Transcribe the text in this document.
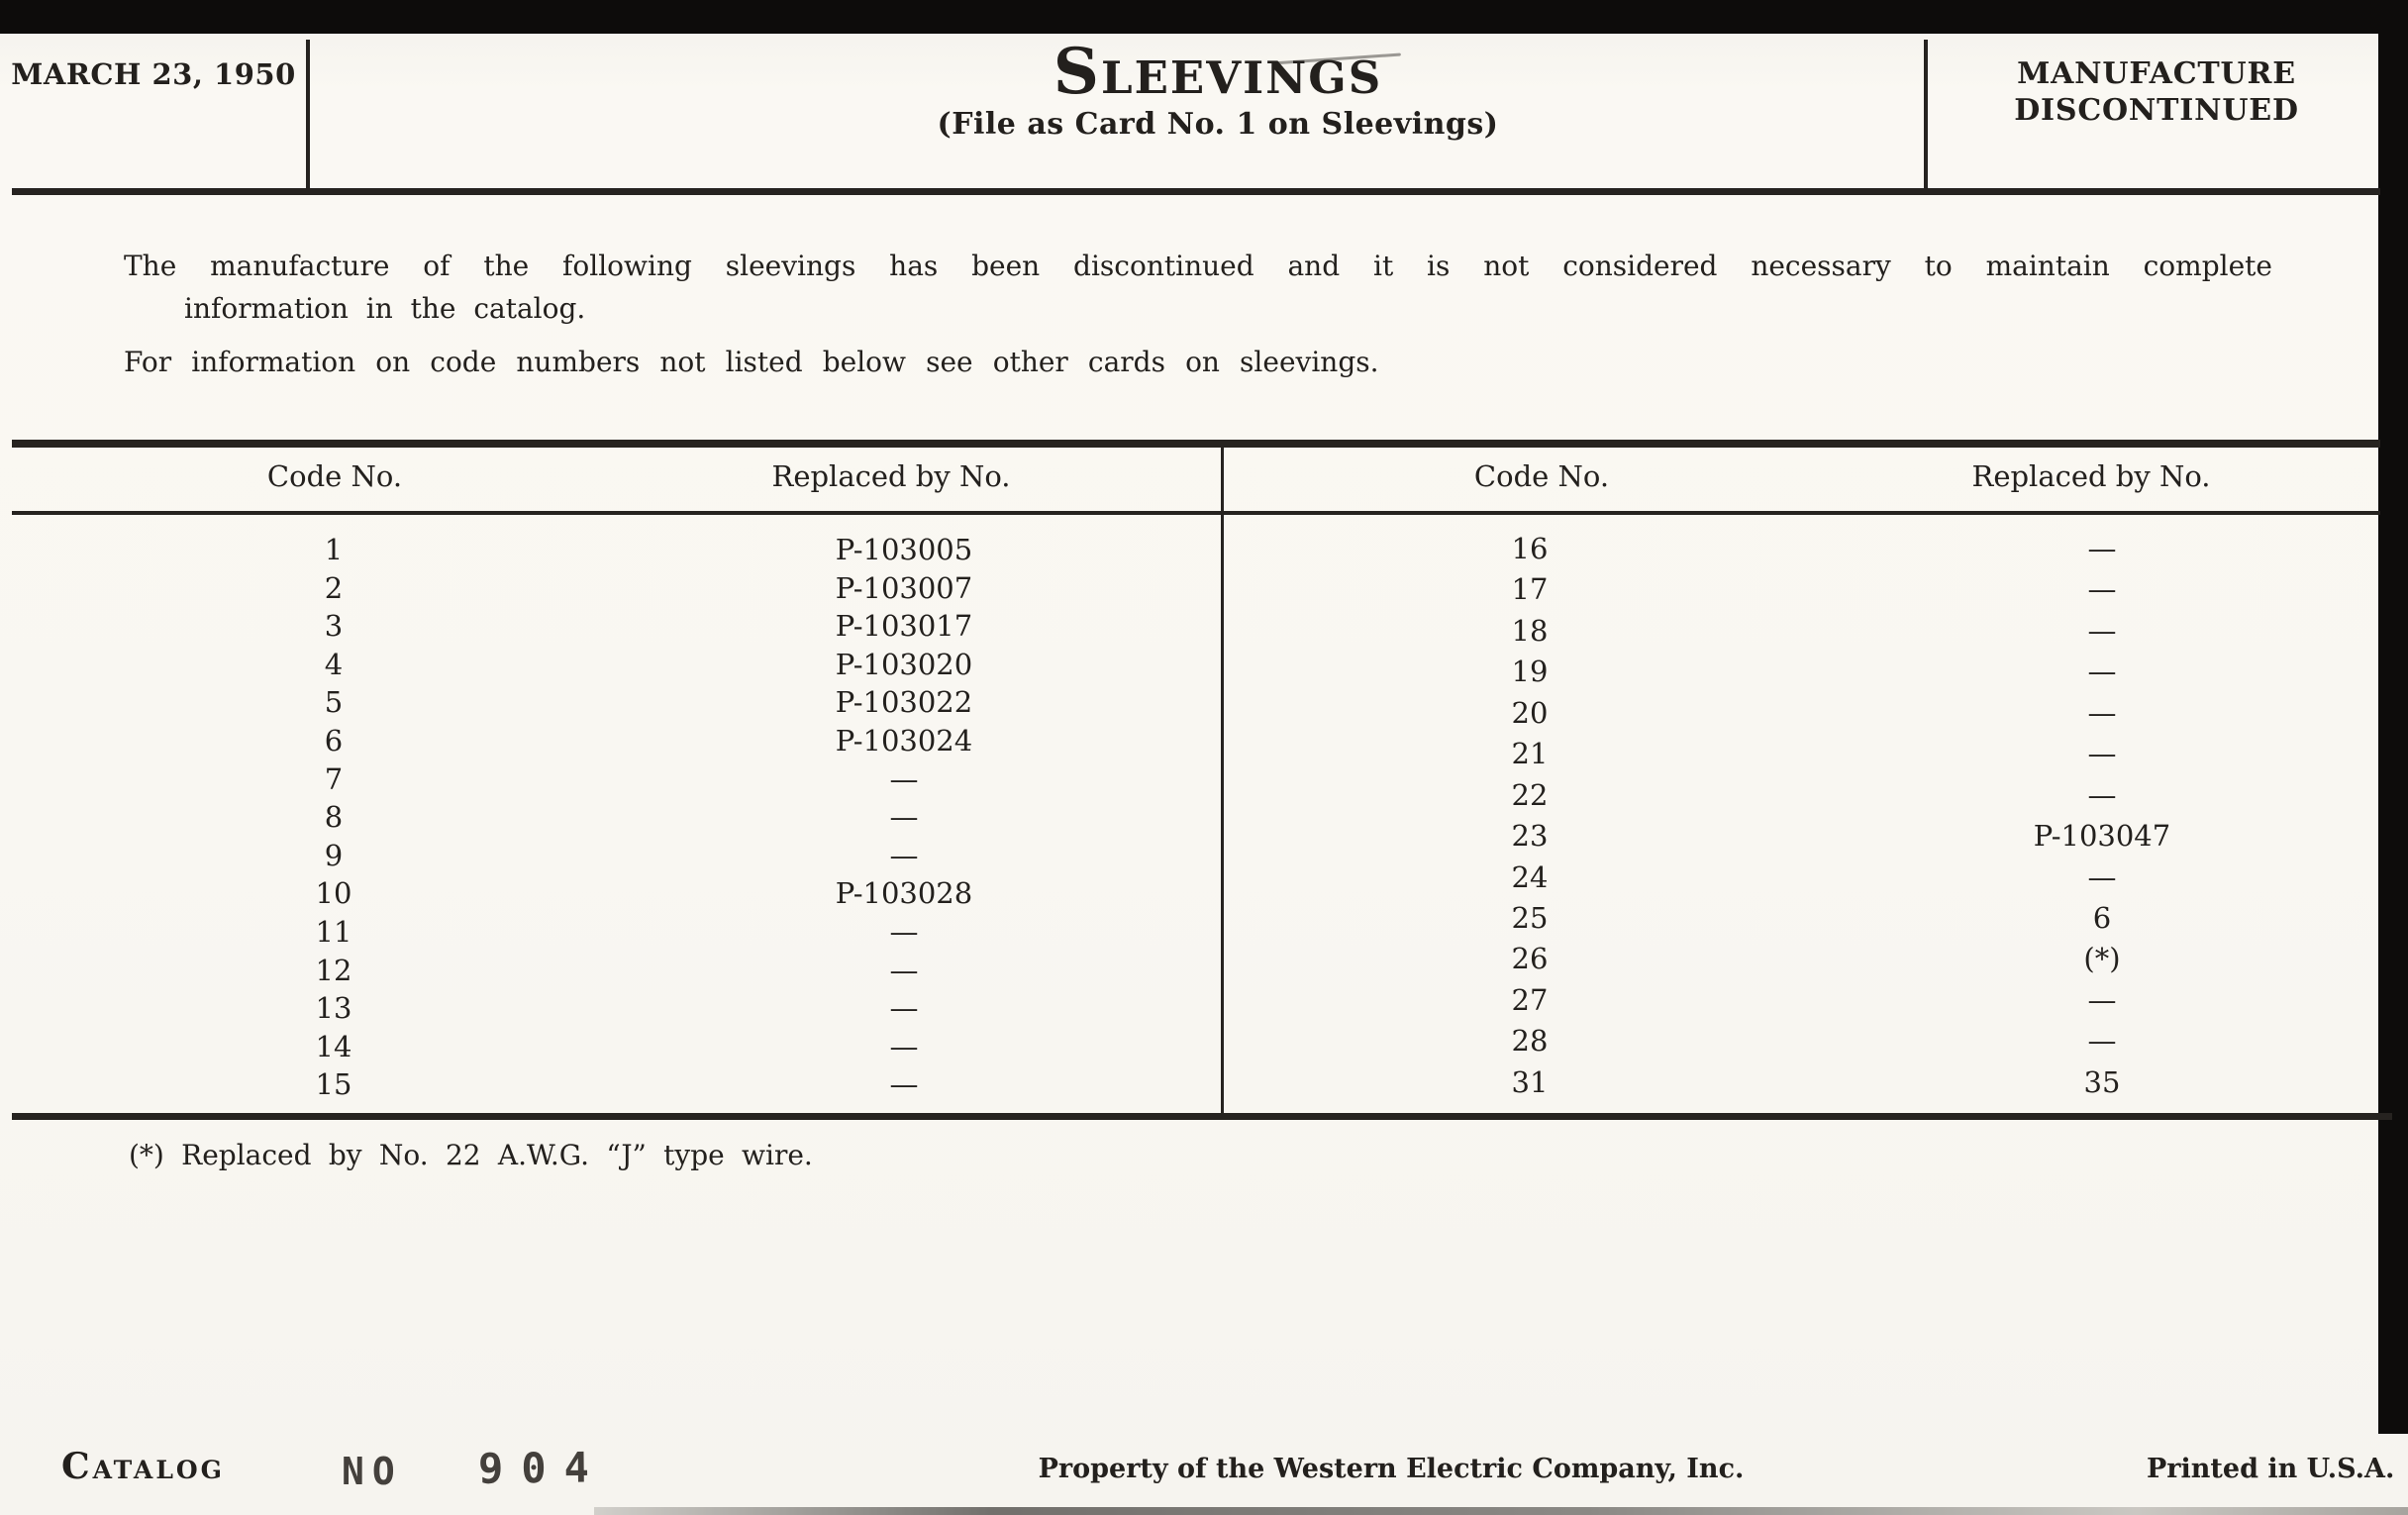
MARCH 23, 1950	Sleevings
(File as Card No. 1 on Sleevings)
MANUFACTURE
DISCONTINUED
The manufacture of the following sleevings has been discontinued and it is not considered necessary to maintain complete
information in the catalog.
For information on code numbers not listed below see other cards on sleevings.
Code No.	Replaced by No.	Code No.	Replaced by No.
1	P-103005
2	P-103007
3	P-103017
4	P-103020
5	P-103022
6	P-103024
7	—
8	—
9	—
10	P-103028
11	—
12	—
13	—
14	—
15	—
16	—
17	—
18	—
19	—
20	—
21	—
22	—
23	P-103047
24	—
25	6
26	(*)
27	—
28	—
31	35
(*) Replaced by No. 22 A.W.G. “J” type wire.
Catalog	NO 904	Property of the Western Electric Company, Inc.	Printed in U.S.A.
